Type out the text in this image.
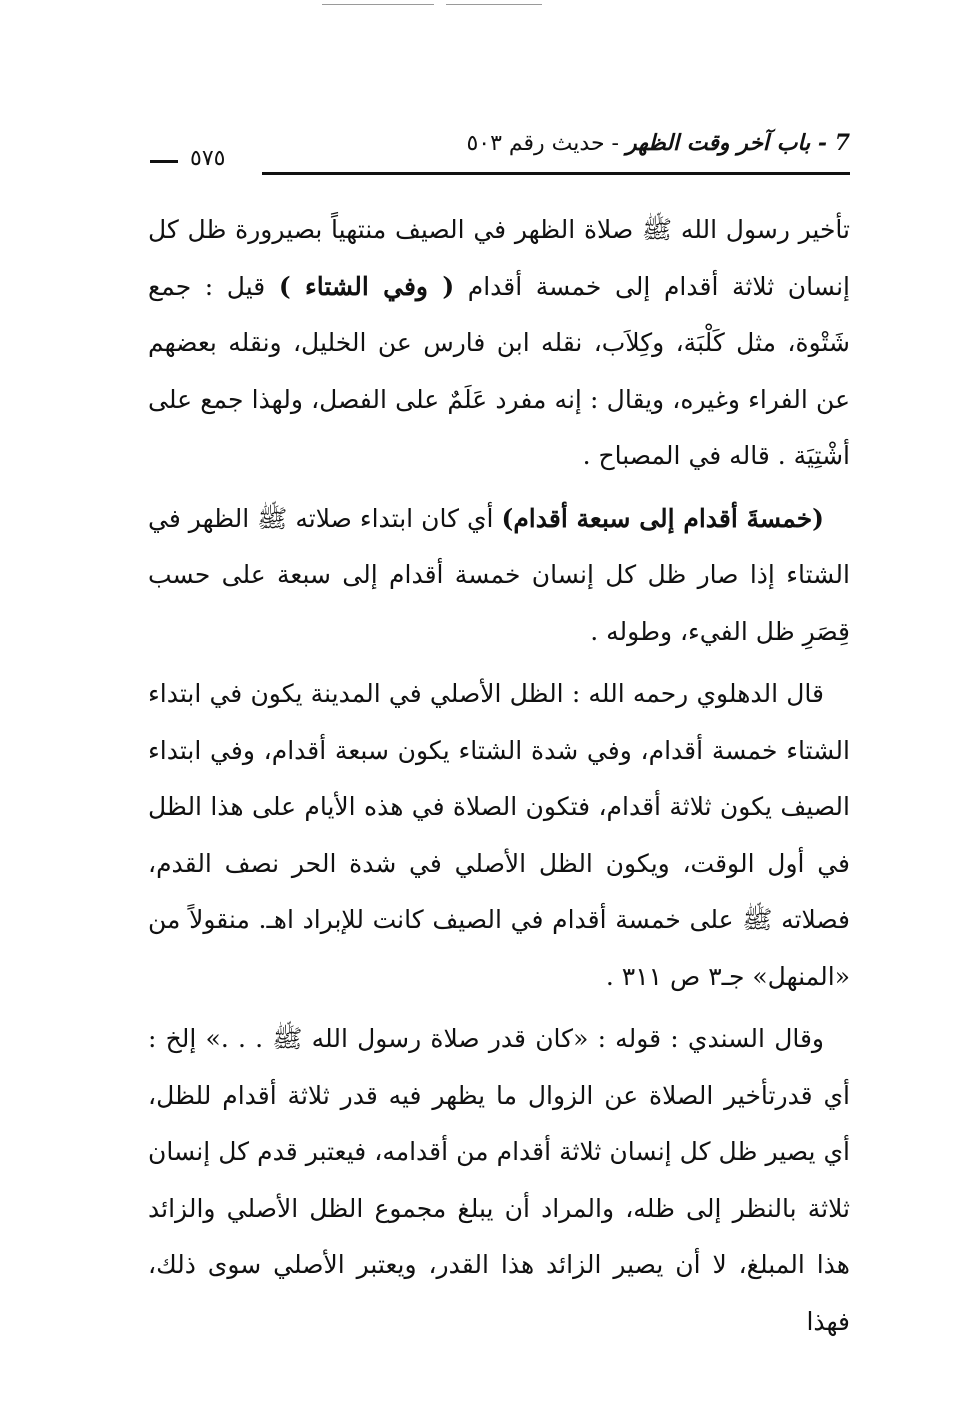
7 - باب آخر وقت الظهر - حديث رقم ٥٠٣
٥٧٥

تأخير رسول الله ﷺ صلاة الظهر في الصيف منتهياً بصيرورة ظل كل إنسان ثلاثة أقدام إلى خمسة أقدام ( وفي الشتاء ) قيل : جمع شَتْوة، مثل كَلْبَة، وكِلاَب، نقله ابن فارس عن الخليل، ونقله بعضهم عن الفراء وغيره، ويقال : إنه مفرد عَلَمٌ على الفصل، ولهذا جمع على أشْتِيَة . قاله في المصباح .

(خمسةَ أقدام إلى سبعة أقدام) أي كان ابتداء صلاته ﷺ الظهر في الشتاء إذا صار ظل كل إنسان خمسة أقدام إلى سبعة على حسب قِصَرِ ظل الفيء، وطوله .

قال الدهلوي رحمه الله : الظل الأصلي في المدينة يكون في ابتداء الشتاء خمسة أقدام، وفي شدة الشتاء يكون سبعة أقدام، وفي ابتداء الصيف يكون ثلاثة أقدام، فتكون الصلاة في هذه الأيام على هذا الظل في أول الوقت، ويكون الظل الأصلي في شدة الحر نصف القدم، فصلاته ﷺ على خمسة أقدام في الصيف كانت للإبراد اهـ. منقولاً من «المنهل» جـ٣ ص ٣١١ .

وقال السندي : قوله : «كان قدر صلاة رسول الله ﷺ . . .» إلخ : أي قدرتأخير الصلاة عن الزوال ما يظهر فيه قدر ثلاثة أقدام للظل، أي يصير ظل كل إنسان ثلاثة أقدام من أقدامه، فيعتبر قدم كل إنسان ثلاثة بالنظر إلى ظله، والمراد أن يبلغ مجموع الظل الأصلي والزائد هذا المبلغ، لا أن يصير الزائد هذا القدر، ويعتبر الأصلي سوى ذلك، فهذا
